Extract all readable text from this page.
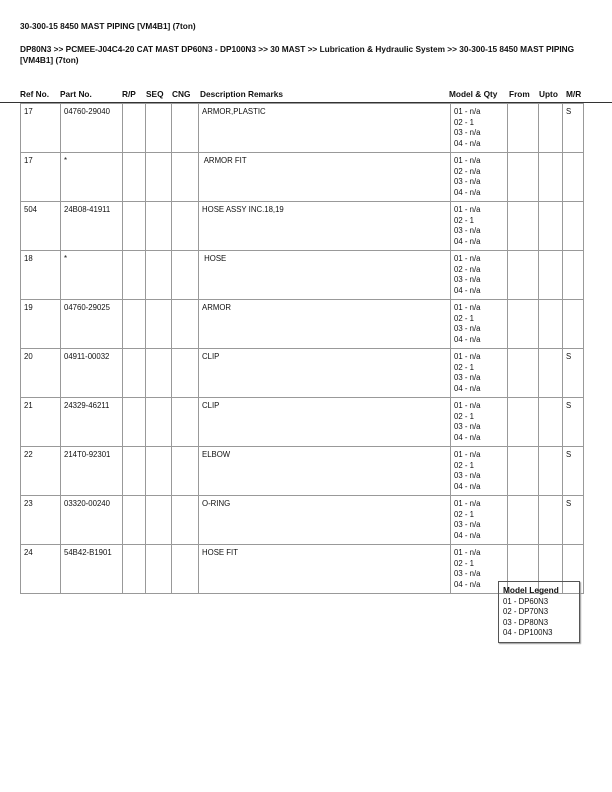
30-300-15 8450 MAST PIPING [VM4B1] (7ton)
DP80N3 >> PCMEE-J04C4-20 CAT MAST DP60N3 - DP100N3 >> 30 MAST >> Lubrication & Hydraulic System >> 30-300-15 8450 MAST PIPING [VM4B1] (7ton)
Ref No. Part No.	R/P SEQ CNG Description Remarks	Model & Qty From Upto M/R
17	04760-29040				ARMOR,PLASTIC	01 - n/a
02 - 1
03 - n/a
04 - n/a			S
17	*				ARMOR FIT	01 - n/a
02 - n/a
03 - n/a
04 - n/a			

504	24B08-41911				HOSE ASSY INC.18,19	01 - n/a
02 - 1
03 - n/a
04 - n/a			

18	*				HOSE	01 - n/a
02 - n/a
03 - n/a
04 - n/a			

19	04760-29025				ARMOR	01 - n/a
02 - 1
03 - n/a
04 - n/a			

20	04911-00032				CLIP	01 - n/a
02 - 1
03 - n/a
04 - n/a			S
21	24329-46211				CLIP	01 - n/a
02 - 1
03 - n/a
04 - n/a			S
22	214T0-92301				ELBOW	01 - n/a
02 - 1
03 - n/a
04 - n/a			S
23	03320-00240				O-RING	01 - n/a
02 - 1
03 - n/a
04 - n/a			S
24	54B42-B1901				HOSE FIT	01 - n/a
02 - 1
03 - n/a
04 - n/a			

Model Legend
01 - DP60N3
02 - DP70N3
03 - DP80N3
04 - DP100N3
